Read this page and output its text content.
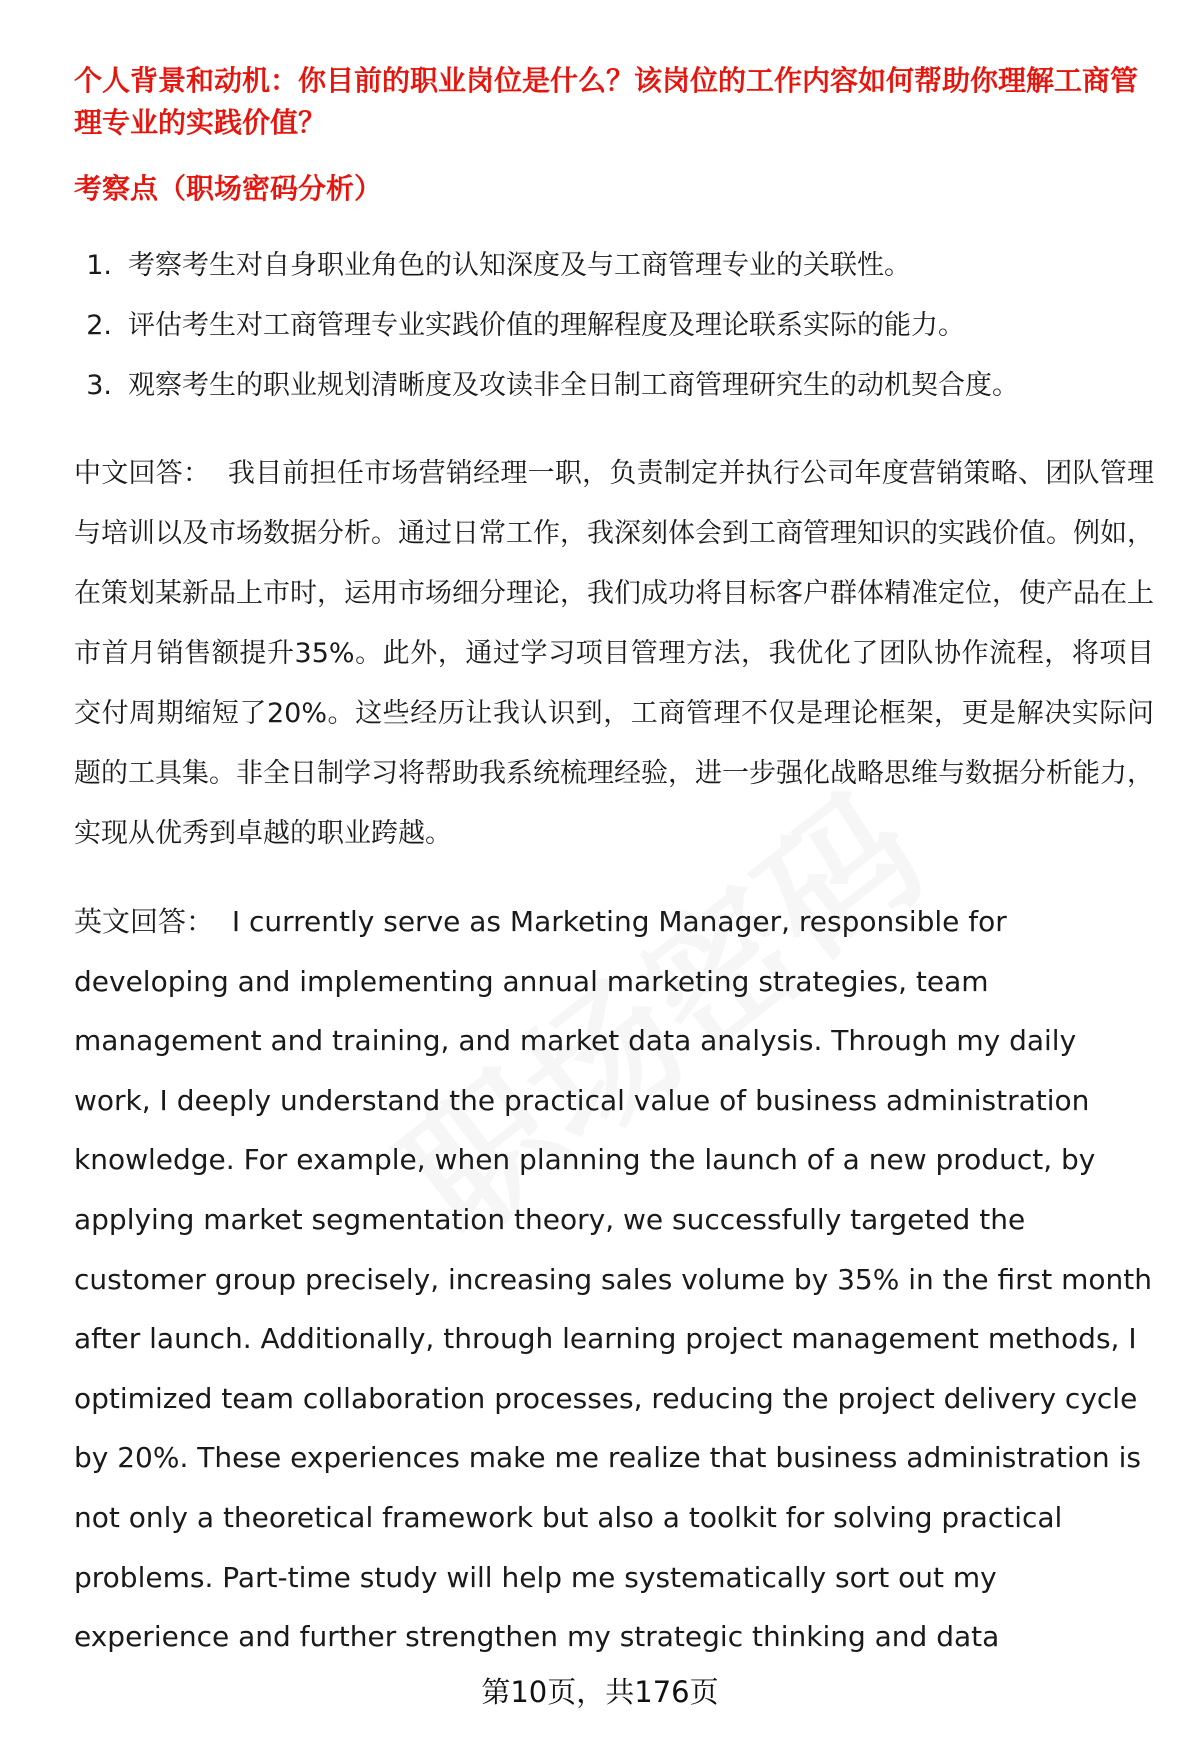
个人背景和动机：你目前的职业岗位是什么？该岗位的工作内容如何帮助你理解工商管理专业的实践价值？
考察点（职场密码分析）
1. 考察考生对自身职业角色的认知深度及与工商管理专业的关联性。
2. 评估考生对工商管理专业实践价值的理解程度及理论联系实际的能力。
3. 观察考生的职业规划清晰度及攻读非全日制工商管理研究生的动机契合度。

中文回答： 我目前担任市场营销经理一职，负责制定并执行公司年度营销策略、团队管理与培训以及市场数据分析。通过日常工作，我深刻体会到工商管理知识的实践价值。例如，在策划某新品上市时，运用市场细分理论，我们成功将目标客户群体精准定位，使产品在上市首月销售额提升35%。此外，通过学习项目管理方法，我优化了团队协作流程，将项目交付周期缩短了20%。这些经历让我认识到，工商管理不仅是理论框架，更是解决实际问题的工具集。非全日制学习将帮助我系统梳理经验，进一步强化战略思维与数据分析能力，实现从优秀到卓越的职业跨越。

英文回答： I currently serve as Marketing Manager, responsible for developing and implementing annual marketing strategies, team management and training, and market data analysis. Through my daily work, I deeply understand the practical value of business administration knowledge. For example, when planning the launch of a new product, by applying market segmentation theory, we successfully targeted the customer group precisely, increasing sales volume by 35% in the first month after launch. Additionally, through learning project management methods, I optimized team collaboration processes, reducing the project delivery cycle by 20%. These experiences make me realize that business administration is not only a theoretical framework but also a toolkit for solving practical problems. Part-time study will help me systematically sort out my experience and further strengthen my strategic thinking and data

第10页，共176页
